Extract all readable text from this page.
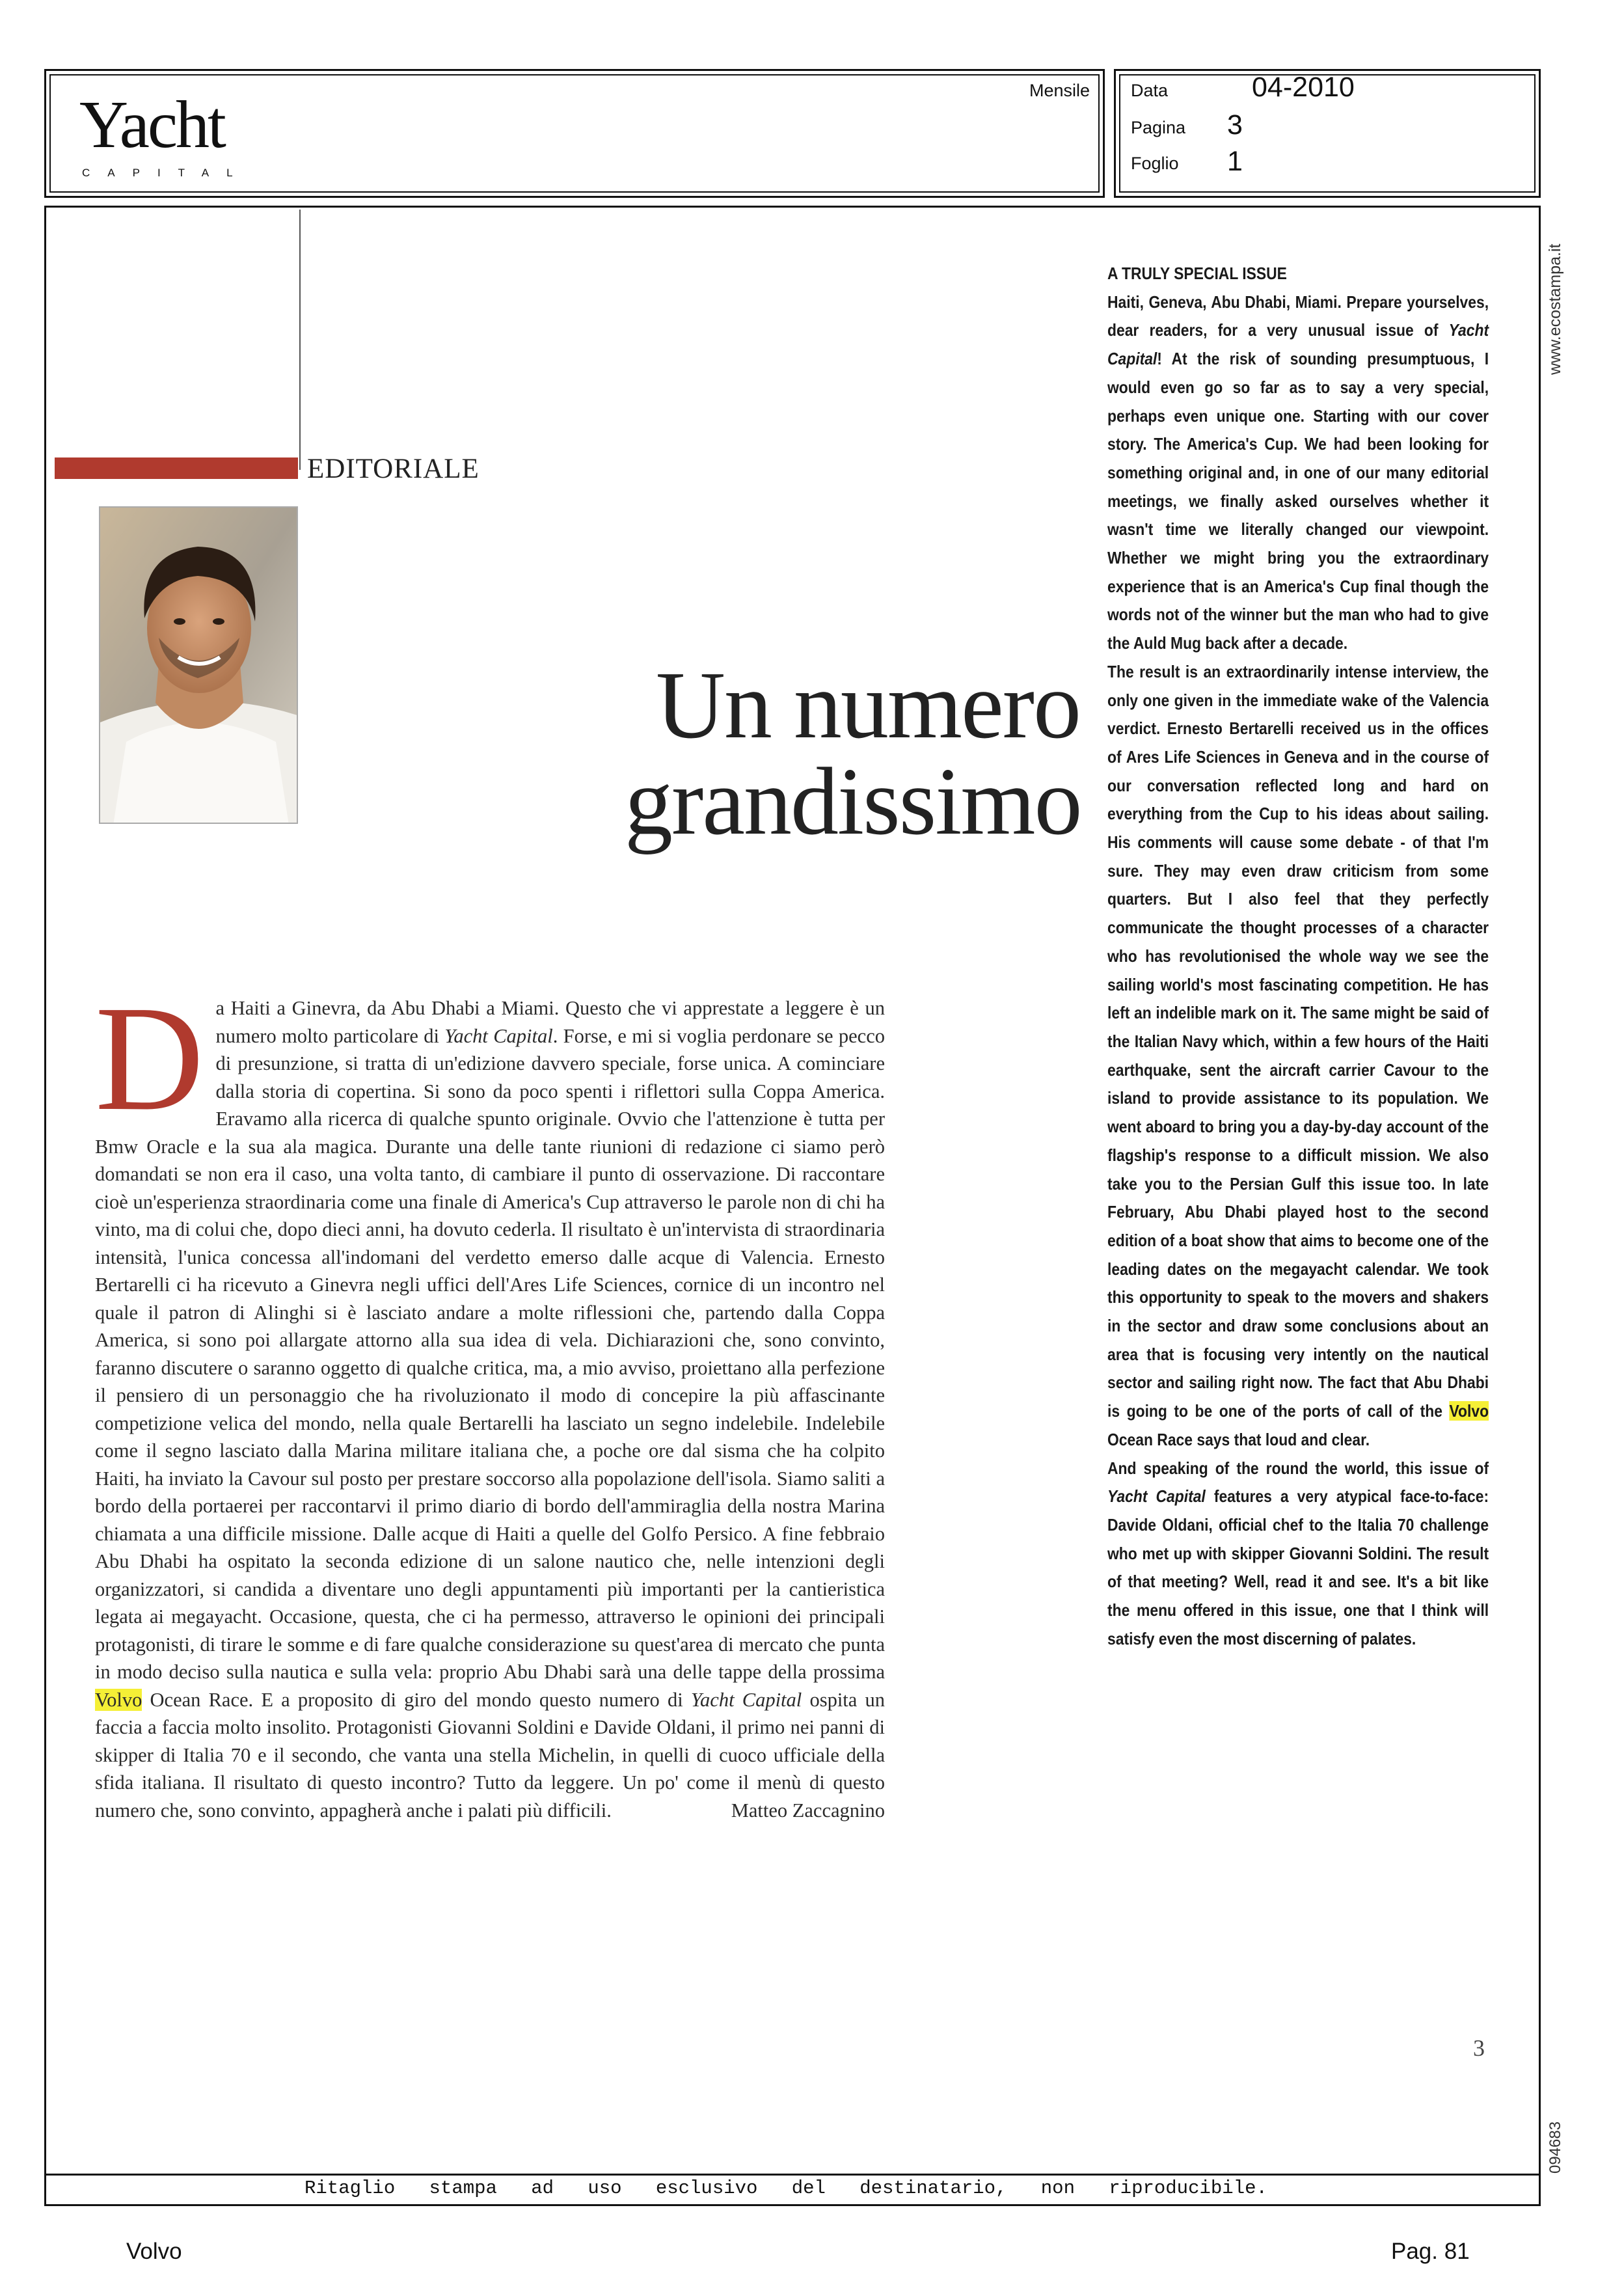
Yacht
CAPITAL
Mensile Data	04-2010
Pagina 3
Foglio 1
EDITORIALE
Un numero
grandissimo
D a Haiti a Ginevra, da Abu Dhabi a Miami. Questo che vi apprestate a leggere è un numero molto particolare di Yacht Capital. Forse, e mi si voglia perdonare se pecco di presunzione, si tratta di un'edizione davvero speciale, forse unica. A cominciare dalla storia di copertina. Si sono da poco spenti i riflettori sulla Coppa America. Eravamo alla ricerca di qualche spunto originale. Ovvio che l'attenzione è tutta per Bmw Oracle e la sua ala magica. Durante una delle tante riunioni di redazione ci siamo però domandati se non era il caso, una volta tanto, di cambiare il punto di osservazione. Di raccontare cioè un'esperienza straordinaria come una finale di America's Cup attraverso le parole non di chi ha vinto, ma di colui che, dopo dieci anni, ha dovuto cederla. Il risultato è un'intervista di straordinaria intensità, l'unica concessa all'indomani del verdetto emerso dalle acque di Valencia. Ernesto Bertarelli ci ha ricevuto a Ginevra negli uffici dell'Ares Life Sciences, cornice di un incontro nel quale il patron di Alinghi si è lasciato andare a molte riflessioni che, partendo dalla Coppa America, si sono poi allargate attorno alla sua idea di vela. Dichiarazioni che, sono convinto, faranno discutere o saranno oggetto di qualche critica, ma, a mio avviso, proiettano alla perfezione il pensiero di un personaggio che ha rivoluzionato il modo di concepire la più affascinante competizione velica del mondo, nella quale Bertarelli ha lasciato un segno indelebile. Indelebile come il segno lasciato dalla Marina militare italiana che, a poche ore dal sisma che ha colpito Haiti, ha inviato la Cavour sul posto per prestare soccorso alla popolazione dell'isola. Siamo saliti a bordo della portaerei per raccontarvi il primo diario di bordo dell'ammiraglia della nostra Marina chiamata a una difficile missione. Dalle acque di Haiti a quelle del Golfo Persico. A fine febbraio Abu Dhabi ha ospitato la seconda edizione di un salone nautico che, nelle intenzioni degli organizzatori, si candida a diventare uno degli appuntamenti più importanti per la cantieristica legata ai megayacht. Occasione, questa, che ci ha permesso, attraverso le opinioni dei principali protagonisti, di tirare le somme e di fare qualche considerazione su quest'area di mercato che punta in modo deciso sulla nautica e sulla vela: proprio Abu Dhabi sarà una delle tappe della prossima Volvo Ocean Race. E a proposito di giro del mondo questo numero di Yacht Capital ospita un faccia a faccia molto insolito. Protagonisti Giovanni Soldini e Davide Oldani, il primo nei panni di skipper di Italia 70 e il secondo, che vanta una stella Michelin, in quelli di cuoco ufficiale della sfida italiana. Il risultato di questo incontro? Tutto da leggere. Un po' come il menù di questo numero che, sono convinto, appagherà anche i palati più difficili.	Matteo Zaccagnino

A TRULY SPECIAL ISSUE

Haiti, Geneva, Abu Dhabi, Miami. Prepare yourselves, dear readers, for a very unusual issue of Yacht Capital! At the risk of sounding presumptuous, I would even go so far as to say a very special, perhaps even unique one. Starting with our cover story. The America's Cup. We had been looking for something original and, in one of our many editorial meetings, we finally asked ourselves whether it wasn't time we literally changed our viewpoint. Whether we might bring you the extraordinary experience that is an America's Cup final though the words not of the winner but the man who had to give the Auld Mug back after a decade.

The result is an extraordinarily intense interview, the only one given in the immediate wake of the Valencia verdict. Ernesto Bertarelli received us in the offices of Ares Life Sciences in Geneva and in the course of our conversation reflected long and hard on everything from the Cup to his ideas about sailing. His comments will cause some debate - of that I'm sure. They may even draw criticism from some quarters. But I also feel that they perfectly communicate the thought processes of a character who has revolutionised the whole way we see the sailing world's most fascinating competition. He has left an indelible mark on it. The same might be said of the Italian Navy which, within a few hours of the Haiti earthquake, sent the aircraft carrier Cavour to the island to provide assistance to its population. We went aboard to bring you a day-by-day account of the flagship's response to a difficult mission. We also take you to the Persian Gulf this issue too. In late February, Abu Dhabi played host to the second edition of a boat show that aims to become one of the leading dates on the megayacht calendar. We took this opportunity to speak to the movers and shakers in the sector and draw some conclusions about an area that is focusing very intently on the nautical sector and sailing right now. The fact that Abu Dhabi is going to be one of the ports of call of the Volvo Ocean Race says that loud and clear.

And speaking of the round the world, this issue of Yacht Capital features a very atypical face-to-face: Davide Oldani, official chef to the Italia 70 challenge who met up with skipper Giovanni Soldini. The result of that meeting? Well, read it and see. It's a bit like the menu offered in this issue, one that I think will satisfy even the most discerning of palates.

www.ecostampa.it
094683
3
Ritaglio stampa ad uso esclusivo del destinatario, non riproducibile.
Volvo	Pag. 81
